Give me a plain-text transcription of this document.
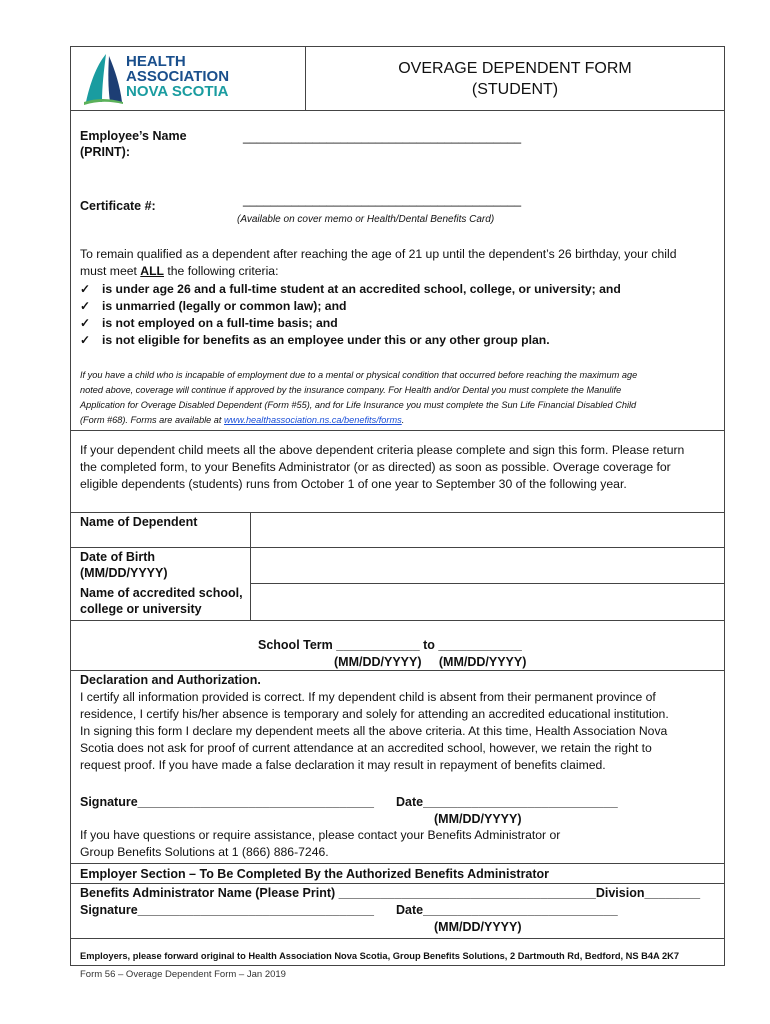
HEALTH
ASSOCIATION
NOVA SCOTIA
OVERAGE DEPENDENT FORM
(STUDENT)
Employee’s Name
(PRINT):
________________________________________
Certificate #:	________________________________________
(Available on cover memo or Health/Dental Benefits Card)
To remain qualified as a dependent after reaching the age of 21 up until the dependent’s 26 birthday, your child
must meet ALL the following criteria:
✓ is under age 26 and a full-time student at an accredited school, college, or university; and
✓ is unmarried (legally or common law); and
✓ is not employed on a full-time basis; and
✓ is not eligible for benefits as an employee under this or any other group plan.
If you have a child who is incapable of employment due to a mental or physical condition that occurred before reaching the maximum age
noted above, coverage will continue if approved by the insurance company. For Health and/or Dental you must complete the Manulife
Application for Overage Disabled Dependent (Form #55), and for Life Insurance you must complete the Sun Life Financial Disabled Child
(Form #68). Forms are available at www.healthassociation.ns.ca/benefits/forms.
If your dependent child meets all the above dependent criteria please complete and sign this form. Please return
the completed form, to your Benefits Administrator (or as directed) as soon as possible. Overage coverage for
eligible dependents (students) runs from October 1 of one year to September 30 of the following year.
Name of Dependent
Date of Birth
(MM/DD/YYYY)
Name of accredited school,
college or university
School Term ____________ to ____________
(MM/DD/YYYY)     (MM/DD/YYYY)
Declaration and Authorization.
I certify all information provided is correct. If my dependent child is absent from their permanent province of
residence, I certify his/her absence is temporary and solely for attending an accredited educational institution.
In signing this form I declare my dependent meets all the above criteria. At this time, Health Association Nova
Scotia does not ask for proof of current attendance at an accredited school, however, we retain the right to
request proof. If you have made a false declaration it may result in repayment of benefits claimed.
Signature__________________________________ Date____________________________
(MM/DD/YYYY)
If you have questions or require assistance, please contact your Benefits Administrator or
Group Benefits Solutions at 1 (866) 886-7246.
Employer Section – To Be Completed By the Authorized Benefits Administrator
Benefits Administrator Name (Please Print) _____________________________________Division________
Signature__________________________________ Date____________________________
(MM/DD/YYYY)
Employers, please forward original to Health Association Nova Scotia, Group Benefits Solutions, 2 Dartmouth Rd, Bedford, NS B4A 2K7
Form 56 – Overage Dependent Form – Jan 2019
